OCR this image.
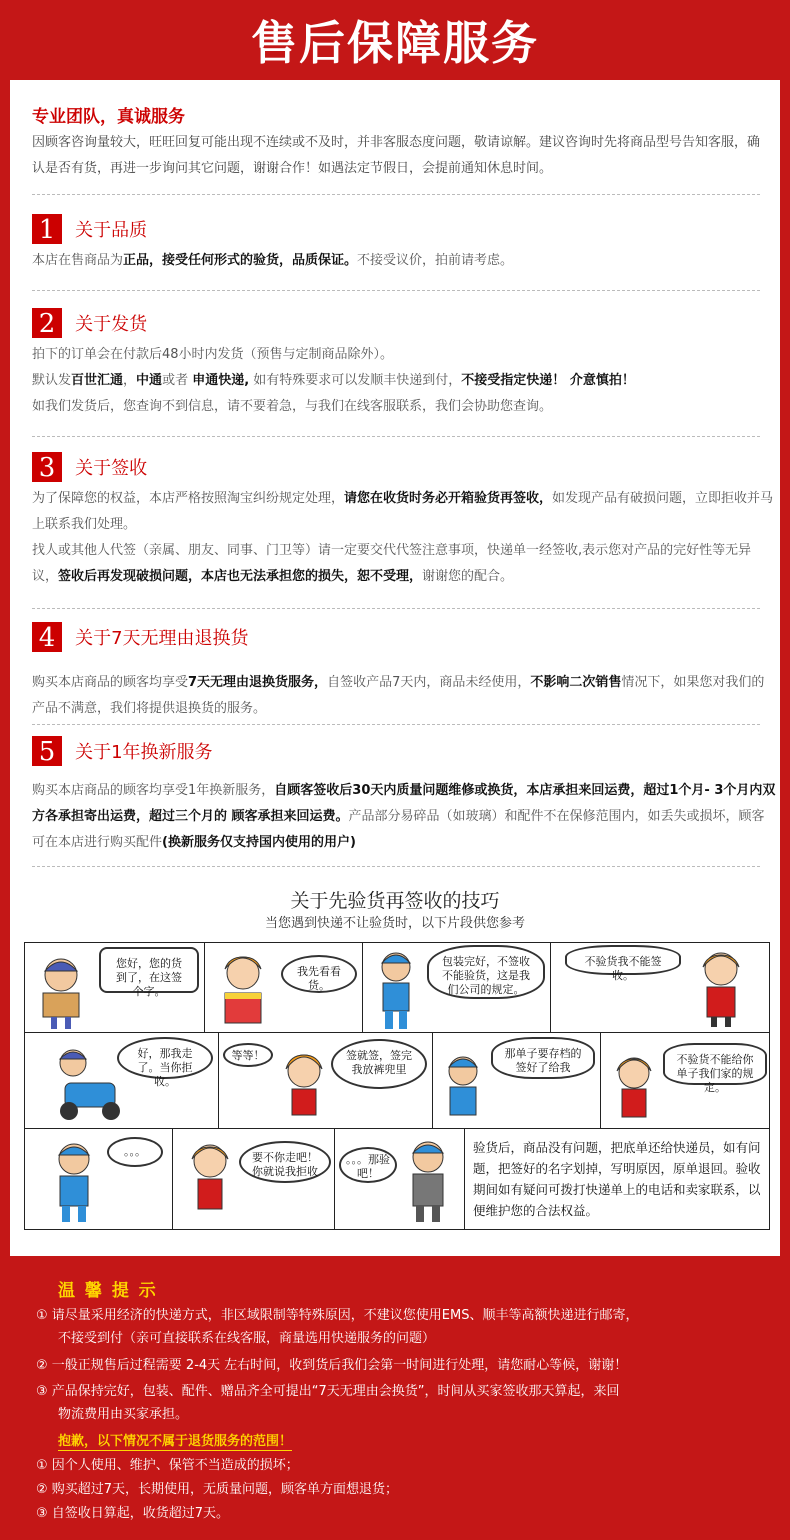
售后保障服务
专业团队，真诚服务
因顾客咨询量较大，旺旺回复可能出现不连续或不及时，并非客服态度问题，敬请谅解。建议咨询时先将商品型号告知客服，确认是否有货，再进一步询问其它问题，谢谢合作！如遇法定节假日，会提前通知休息时间。
1 关于品质

本店在售商品为正品，接受任何形式的验货，品质保证。不接受议价，拍前请考虑。

2 关于发货

拍下的订单会在付款后48小时内发货（预售与定制商品除外）。

默认发百世汇通，中通或者 申通快递, 如有特殊要求可以发顺丰快递到付，不接受指定快递！ 介意慎拍！

如我们发货后，您查询不到信息，请不要着急，与我们在线客服联系，我们会协助您查询。

3 关于签收

为了保障您的权益，本店严格按照淘宝纠纷规定处理，请您在收货时务必开箱验货再签收，如发现产品有破损问题，立即拒收并马上联系我们处理。

找人或其他人代签（亲属、朋友、同事、门卫等）请一定要交代代签注意事项，快递单一经签收,表示您对产品的完好性等无异议，签收后再发现破损问题，本店也无法承担您的损失，恕不受理，谢谢您的配合。

4 关于7天无理由退换货

购买本店商品的顾客均享受7天无理由退换货服务，自签收产品7天内，商品未经使用，不影响二次销售情况下，如果您对我们的产品不满意，我们将提供退换货的服务。

5 关于1年换新服务

购买本店商品的顾客均享受1年换新服务，自顾客签收后30天内质量问题维修或换货，本店承担来回运费，超过1个月- 3个月内双方各承担寄出运费，超过三个月的 顾客承担来回运费。产品部分易碎品（如玻璃）和配件不在保修范围内，如丢失或损坏，顾客可在本店进行购买配件(换新服务仅支持国内使用的用户)

关于先验货再签收的技巧
当您遇到快递不让验货时，以下片段供您参考
您好，您的货到了，在这签个字。
我先看看货。
包装完好，不签收不能验货，这是我们公司的规定。
不验货我不能签收。
好，那我走了。当你拒收。
等等！	签就签，签完我放裤兜里
那单子要存档的签好了给我
不验货不能给你单子我们家的规定。
。。。	要不你走吧！你就说我拒收
。。。那验吧！
验货后，商品没有问题，把底单还给快递员，如有问题，把签好的名字划掉，写明原因，原单退回。验收期间如有疑问可拨打快递单上的电话和卖家联系，以便维护您的合法权益。
温 馨 提 示
① 请尽量采用经济的快递方式，非区域限制等特殊原因，不建议您使用EMS、顺丰等高额快递进行邮寄，
不接受到付（亲可直接联系在线客服，商量选用快递服务的问题）
② 一般正规售后过程需要 2-4天 左右时间，收到货后我们会第一时间进行处理，请您耐心等候，谢谢！
③ 产品保持完好，包装、配件、赠品齐全可提出“7天无理由会换货”，时间从买家签收那天算起，来回
物流费用由买家承担。
抱歉，以下情况不属于退货服务的范围！
① 因个人使用、维护、保管不当造成的损坏；
② 购买超过7天，长期使用，无质量问题，顾客单方面想退货；
③ 自签收日算起，收货超过7天。
